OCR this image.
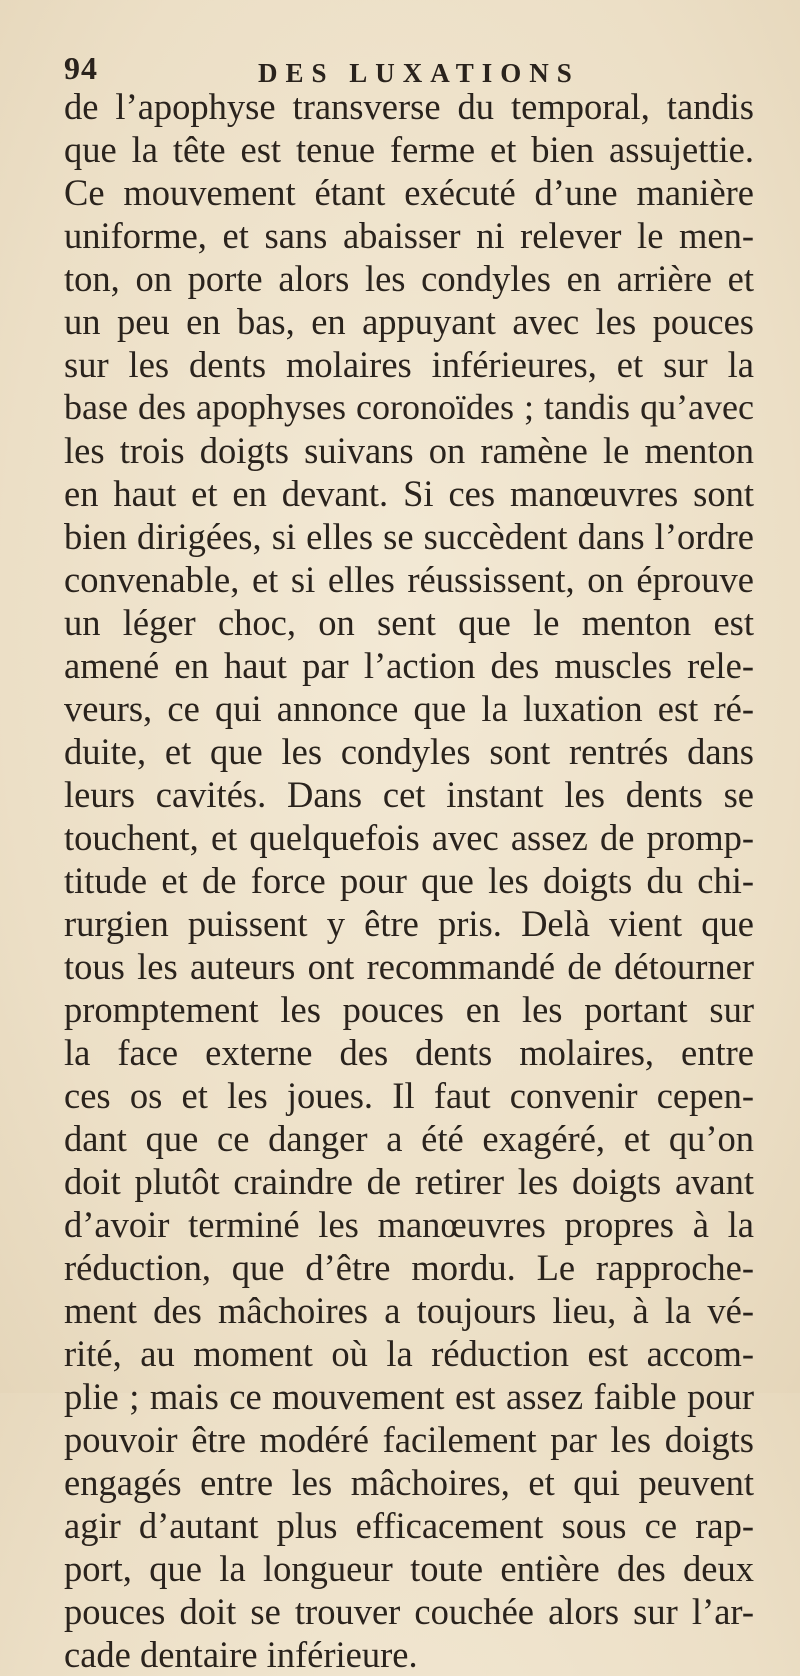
94	DES LUXATIONS
de l’apophyse transverse du temporal, tandis
que la tête est tenue ferme et bien assujettie.
Ce mouvement étant exécuté d’une manière
uniforme, et sans abaisser ni relever le men-
ton, on porte alors les condyles en arrière et
un peu en bas, en appuyant avec les pouces
sur les dents molaires inférieures, et sur la
base des apophyses coronoïdes ; tandis qu’avec
les trois doigts suivans on ramène le menton
en haut et en devant. Si ces manœuvres sont
bien dirigées, si elles se succèdent dans l’ordre
convenable, et si elles réussissent, on éprouve
un léger choc, on sent que le menton est
amené en haut par l’action des muscles rele-
veurs, ce qui annonce que la luxation est ré-
duite, et que les condyles sont rentrés dans
leurs cavités. Dans cet instant les dents se
touchent, et quelquefois avec assez de promp-
titude et de force pour que les doigts du chi-
rurgien puissent y être pris. Delà vient que
tous les auteurs ont recommandé de détourner
promptement les pouces en les portant sur
la face externe des dents molaires, entre
ces os et les joues. Il faut convenir cepen-
dant que ce danger a été exagéré, et qu’on
doit plutôt craindre de retirer les doigts avant
d’avoir terminé les manœuvres propres à la
réduction, que d’être mordu. Le rapproche-
ment des mâchoires a toujours lieu, à la vé-
rité, au moment où la réduction est accom-
plie ; mais ce mouvement est assez faible pour
pouvoir être modéré facilement par les doigts
engagés entre les mâchoires, et qui peuvent
agir d’autant plus efficacement sous ce rap-
port, que la longueur toute entière des deux
pouces doit se trouver couchée alors sur l’ar-
cade dentaire inférieure.
